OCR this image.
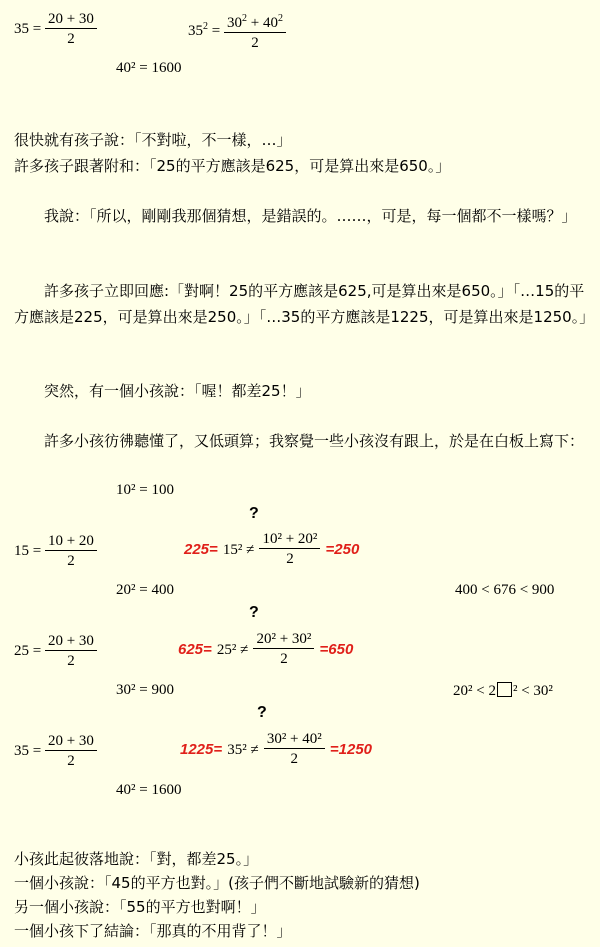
$35 = \frac{20 + 30}{2}$	$35^2 = \frac{30^2 + 40^2}{2}$
40² = 1600
很快就有孩子說：「不對啦，不一樣，…」
許多孩子跟著附和：「25的平方應該是625，可是算出來是650。」
我說：「所以，剛剛我那個猜想，是錯誤的。……，可是，每一個都不一樣嗎？」
許多孩子立即回應:「對啊！25的平方應該是625,可是算出來是650。」「…15的平方應該是225，可是算出來是250。」「…35的平方應該是1225，可是算出來是1250。」
突然，有一個小孩說：「喔！都差25！」
許多小孩彷彿聽懂了，又低頭算；我察覺一些小孩沒有跟上，於是在白板上寫下：
10² = 100
?
$15 = \frac{10 + 20}{2}$	$225= 15^2 \ne \frac{\text{10² + 20²}}{2} =250$
20² = 400	400 < 676 < 900
?
$25 = \frac{20 + 30}{2}$	$625= 25^2 \ne \frac{\text{20² + 30²}}{2} =650$
30² = 900	20² < 2 ² < 30²
?
$35 = \frac{20 + 30}{2}$	$1225= 35^2 \ne \frac{\text{30² + 40²}}{2} =1250$
40² = 1600
小孩此起彼落地說：「對，都差25。」
一個小孩說：「45的平方也對。」(孩子們不斷地試驗新的猜想)
另一個小孩說：「55的平方也對啊！」
一個小孩下了結論：「那真的不用背了！」
